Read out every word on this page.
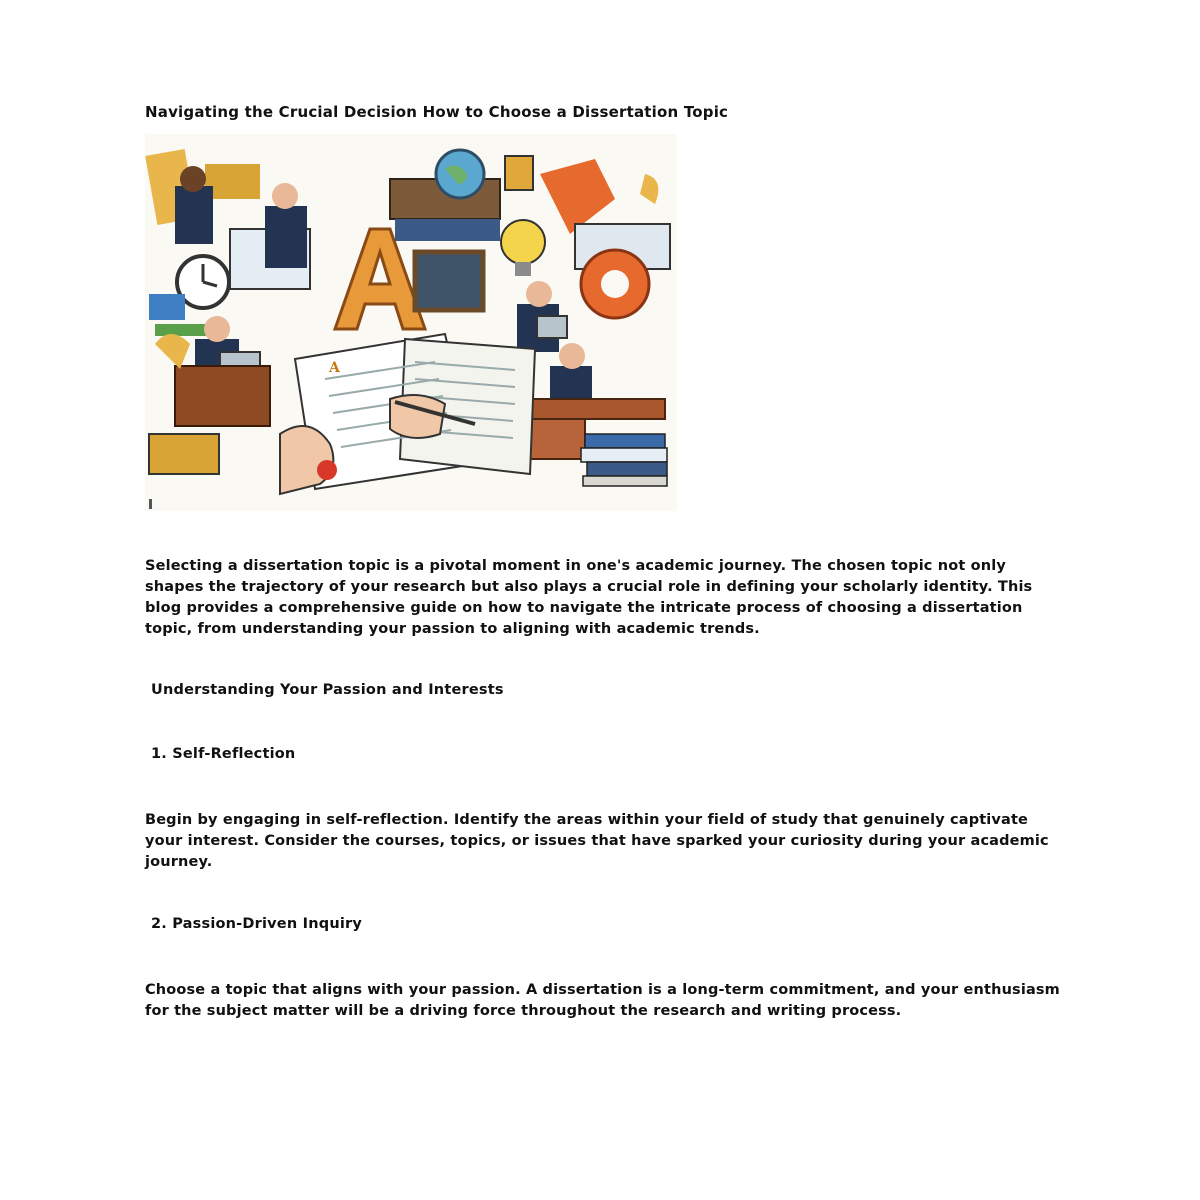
Navigating the Crucial Decision How to Choose a Dissertation Topic
A

Selecting a dissertation topic is a pivotal moment in one's academic journey. The chosen topic not only shapes the trajectory of your research but also plays a crucial role in defining your scholarly identity. This blog provides a comprehensive guide on how to navigate the intricate process of choosing a dissertation topic, from understanding your passion to aligning with academic trends.

Understanding Your Passion and Interests
1. Self-Reflection

Begin by engaging in self-reflection. Identify the areas within your field of study that genuinely captivate your interest. Consider the courses, topics, or issues that have sparked your curiosity during your academic journey.

2. Passion-Driven Inquiry

Choose a topic that aligns with your passion. A dissertation is a long-term commitment, and your enthusiasm for the subject matter will be a driving force throughout the research and writing process.
